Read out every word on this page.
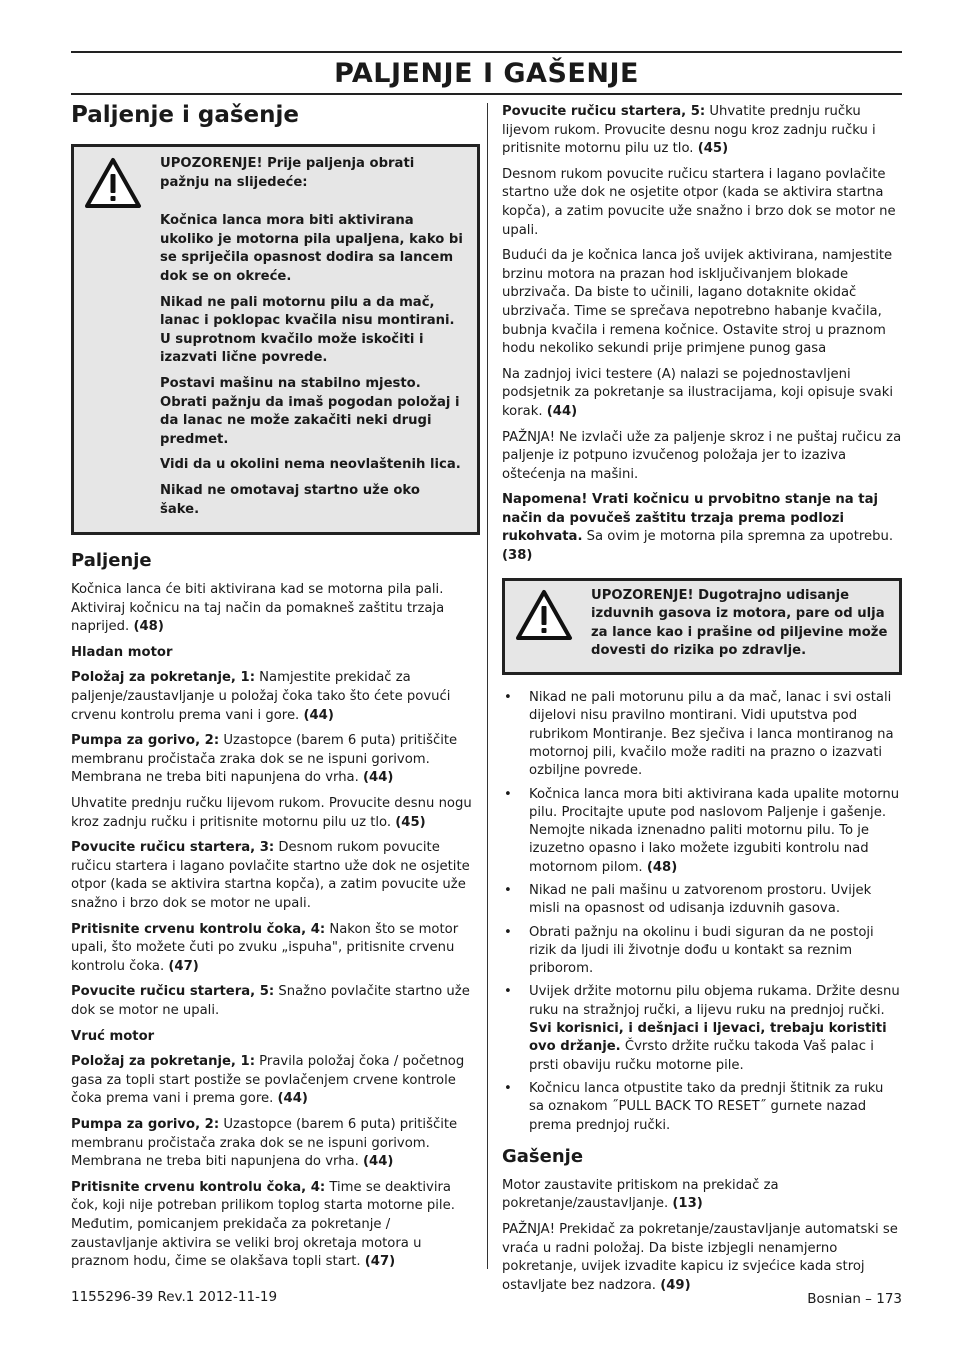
PALJENJE I GAŠENJE
Paljenje i gašenje

UPOZORENJE! Prije paljenja obrati pažnju na slijedeće:

Kočnica lanca mora biti aktivirana ukoliko je motorna pila upaljena, kako bi se spriječila opasnost dodira sa lancem dok se on okreće.

Nikad ne pali motornu pilu a da mač, lanac i poklopac kvačila nisu montirani. U suprotnom kvačilo može iskočiti i izazvati lične povrede.

Postavi mašinu na stabilno mjesto. Obrati pažnju da imaš pogodan položaj i da lanac ne može zakačiti neki drugi predmet.

Vidi da u okolini nema neovlaštenih lica.

Nikad ne omotavaj startno uže oko šake.

Paljenje

Kočnica lanca će biti aktivirana kad se motorna pila pali. Aktiviraj kočnicu na taj način da pomakneš zaštitu trzaja naprijed. (48)

Hladan motor

Položaj za pokretanje, 1: Namjestite prekidač za paljenje/zaustavljanje u položaj čoka tako što ćete povući crvenu kontrolu prema vani i gore. (44)

Pumpa za gorivo, 2: Uzastopce (barem 6 puta) pritiščite membranu pročistača zraka dok se ne ispuni gorivom. Membrana ne treba biti napunjena do vrha. (44)

Uhvatite prednju ručku lijevom rukom. Provucite desnu nogu kroz zadnju ručku i pritisnite motornu pilu uz tlo. (45)

Povucite ručicu startera, 3: Desnom rukom povucite ručicu startera i lagano povlačite startno uže dok ne osjetite otpor (kada se aktivira startna kopča), a zatim povucite uže snažno i brzo dok se motor ne upali.

Pritisnite crvenu kontrolu čoka, 4: Nakon što se motor upali, što možete čuti po zvuku „ispuha", pritisnite crvenu kontrolu čoka. (47)

Povucite ručicu startera, 5: Snažno povlačite startno uže dok se motor ne upali.

Vruć motor

Položaj za pokretanje, 1: Pravila položaj čoka / početnog gasa za topli start postiže se povlačenjem crvene kontrole čoka prema vani i prema gore. (44)

Pumpa za gorivo, 2: Uzastopce (barem 6 puta) pritiščite membranu pročistača zraka dok se ne ispuni gorivom. Membrana ne treba biti napunjena do vrha. (44)

Pritisnite crvenu kontrolu čoka, 4: Time se deaktivira čok, koji nije potreban prilikom toplog starta motorne pile. Međutim, pomicanjem prekidača za pokretanje / zaustavljanje aktivira se veliki broj okretaja motora u praznom hodu, čime se olakšava topli start. (47)

Povucite ručicu startera, 5: Uhvatite prednju ručku lijevom rukom. Provucite desnu nogu kroz zadnju ručku i pritisnite motornu pilu uz tlo. (45)

Desnom rukom povucite ručicu startera i lagano povlačite startno uže dok ne osjetite otpor (kada se aktivira startna kopča), a zatim povucite uže snažno i brzo dok se motor ne upali.

Budući da je kočnica lanca još uvijek aktivirana, namjestite brzinu motora na prazan hod isključivanjem blokade ubrzivača. Da biste to učinili, lagano dotaknite okidač ubrzivača. Time se sprečava nepotrebno habanje kvačila, bubnja kvačila i remena kočnice. Ostavite stroj u praznom hodu nekoliko sekundi prije primjene punog gasa

Na zadnjoj ivici testere (A) nalazi se pojednostavljeni podsjetnik za pokretanje sa ilustracijama, koji opisuje svaki korak. (44)

PAŽNJA! Ne izvlači uže za paljenje skroz i ne puštaj ručicu za paljenje iz potpuno izvučenog položaja jer to izaziva oštećenja na mašini.

Napomena! Vrati kočnicu u prvobitno stanje na taj način da povučeš zaštitu trzaja prema podlozi rukohvata. Sa ovim je motorna pila spremna za upotrebu. (38)

UPOZORENJE! Dugotrajno udisanje izduvnih gasova iz motora, pare od ulja za lance kao i prašine od piljevine može dovesti do rizika po zdravlje.

• Nikad ne pali motorunu pilu a da mač, lanac i svi ostali dijelovi nisu pravilno montirani. Vidi uputstva pod rubrikom Montiranje. Bez sječiva i lanca montiranog na motornoj pili, kvačilo može raditi na prazno o izazvati ozbiljne povrede.
• Kočnica lanca mora biti aktivirana kada upalite motornu pilu. Procitajte upute pod naslovom Paljenje i gašenje. Nemojte nikada iznenadno paliti motornu pilu. To je izuzetno opasno i lako možete izgubiti kontrolu nad motornom pilom. (48)
• Nikad ne pali mašinu u zatvorenom prostoru. Uvijek misli na opasnost od udisanja izduvnih gasova.
• Obrati pažnju na okolinu i budi siguran da ne postoji rizik da ljudi ili životnje dođu u kontakt sa reznim priborom.
• Uvijek držite motornu pilu objema rukama. Držite desnu ruku na stražnjoj ručki, a lijevu ruku na prednjoj ručki. Svi korisnici, i dešnjaci i ljevaci, trebaju koristiti ovo držanje. Čvrsto držite ručku takoda Vaš palac i prsti obaviju ručku motorne pile.
• Kočnicu lanca otpustite tako da prednji štitnik za ruku sa oznakom ˝PULL BACK TO RESET˝ gurnete nazad prema prednjoj ručki.
Gašenje

Motor zaustavite pritiskom na prekidač za pokretanje/zaustavljanje. (13)

PAŽNJA! Prekidač za pokretanje/zaustavljanje automatski se vraća u radni položaj. Da biste izbjegli nenamjerno pokretanje, uvijek izvadite kapicu iz svjećice kada stroj ostavljate bez nadzora. (49)

1155296-39 Rev.1 2012-11-19	Bosnian – 173
